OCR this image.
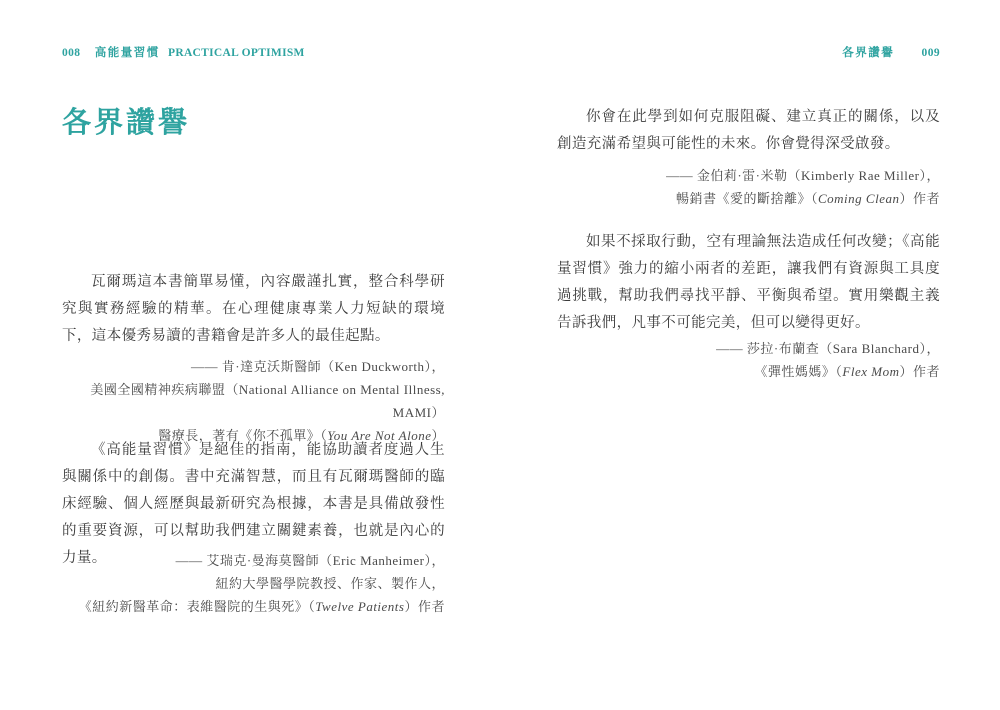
008 高能量習慣 PRACTICAL OPTIMISM	各界讚譽 009
各界讚譽

瓦爾瑪這本書簡單易懂，內容嚴謹扎實，整合科學研究與實務經驗的精華。在心理健康專業人力短缺的環境下，這本優秀易讀的書籍會是許多人的最佳起點。

—— 肯·達克沃斯醫師（Ken Duckworth），

美國全國精神疾病聯盟（National Alliance on Mental Illness, MAMI）

醫療長，著有《你不孤單》（You Are Not Alone）

《高能量習慣》是絕佳的指南，能協助讀者度過人生與關係中的創傷。書中充滿智慧，而且有瓦爾瑪醫師的臨床經驗、個人經歷與最新研究為根據，本書是具備啟發性的重要資源，可以幫助我們建立關鍵素養，也就是內心的力量。	—— 艾瑞克·曼海莫醫師（Eric Manheimer），

紐約大學醫學院教授、作家、製作人，

《紐約新醫革命：表維醫院的生與死》（Twelve Patients）作者

你會在此學到如何克服阻礙、建立真正的關係，以及創造充滿希望與可能性的未來。你會覺得深受啟發。

—— 金伯莉·雷·米勒（Kimberly Rae Miller），

暢銷書《愛的斷捨離》（Coming Clean）作者

如果不採取行動，空有理論無法造成任何改變；《高能量習慣》強力的縮小兩者的差距，讓我們有資源與工具度過挑戰，幫助我們尋找平靜、平衡與希望。實用樂觀主義告訴我們，凡事不可能完美，但可以變得更好。

—— 莎拉·布蘭查（Sara Blanchard），

《彈性媽媽》（Flex Mom）作者
